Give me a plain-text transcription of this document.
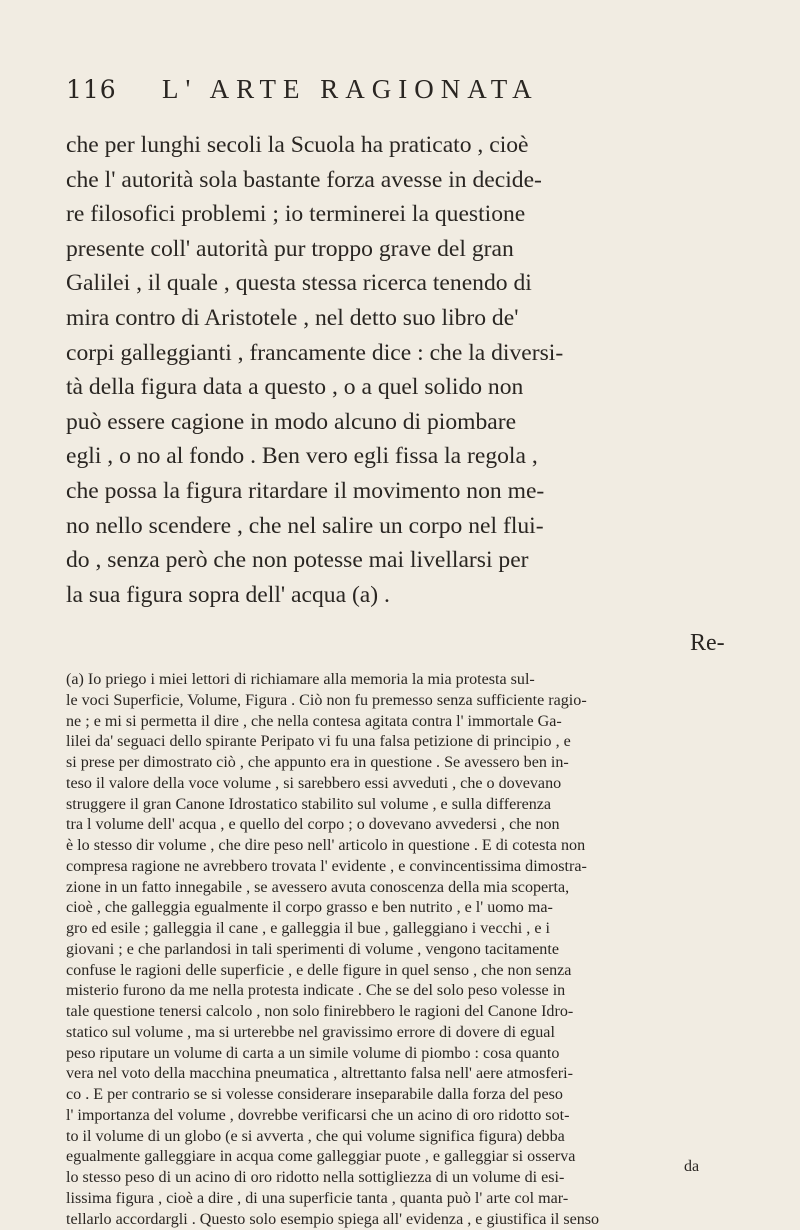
116	L' ARTE RAGIONATA
che per lunghi secoli la Scuola ha praticato , cioè
che l' autorità sola bastante forza avesse in decide-
re filosofici problemi ; io terminerei la questione
presente coll' autorità pur troppo grave del gran
Galilei , il quale , questa stessa ricerca tenendo di
mira contro di Aristotele , nel detto suo libro de'
corpi galleggianti , francamente dice : che la diversi-
tà della figura data a questo , o a quel solido non
può essere cagione in modo alcuno di piombare
egli , o no al fondo . Ben vero egli fissa la regola ,
che possa la figura ritardare il movimento non me-
no nello scendere , che nel salire un corpo nel flui-
do , senza però che non potesse mai livellarsi per
la sua figura sopra dell' acqua (a) .
Re-
(a) Io priego i miei lettori di richiamare alla memoria la mia protesta sul-
le voci Superficie, Volume, Figura . Ciò non fu premesso senza sufficiente ragio-
ne ; e mi si permetta il dire , che nella contesa agitata contra l' immortale Ga-
lilei da' seguaci dello spirante Peripato vi fu una falsa petizione di principio , e
si prese per dimostrato ciò , che appunto era in questione . Se avessero ben in-
teso il valore della voce volume , si sarebbero essi avveduti , che o dovevano
struggere il gran Canone Idrostatico stabilito sul volume , e sulla differenza
tra l volume dell' acqua , e quello del corpo ; o dovevano avvedersi , che non
è lo stesso dir volume , che dire peso nell' articolo in questione . E di cotesta non
compresa ragione ne avrebbero trovata l' evidente , e convincentissima dimostra-
zione in un fatto innegabile , se avessero avuta conoscenza della mia scoperta,
cioè , che galleggia egualmente il corpo grasso e ben nutrito , e l' uomo ma-
gro ed esile ; galleggia il cane , e galleggia il bue , galleggiano i vecchi , e i
giovani ; e che parlandosi in tali sperimenti di volume , vengono tacitamente
confuse le ragioni delle superficie , e delle figure in quel senso , che non senza
misterio furono da me nella protesta indicate . Che se del solo peso volesse in
tale questione tenersi calcolo , non solo finirebbero le ragioni del Canone Idro-
statico sul volume , ma si urterebbe nel gravissimo errore di dovere di egual
peso riputare un volume di carta a un simile volume di piombo : cosa quanto
vera nel voto della macchina pneumatica , altrettanto falsa nell' aere atmosferi-
co . E per contrario se si volesse considerare inseparabile dalla forza del peso
l' importanza del volume , dovrebbe verificarsi che un acino di oro ridotto sot-
to il volume di un globo (e si avverta , che qui volume significa figura) debba
egualmente galleggiare in acqua come galleggiar puote , e galleggiar si osserva
lo stesso peso di un acino di oro ridotto nella sottigliezza di un volume di esi-
lissima figura , cioè a dire , di una superficie tanta , quanta può l' arte col mar-
tellarlo accordargli . Questo solo esempio spiega all' evidenza , e giustifica il senso
da
